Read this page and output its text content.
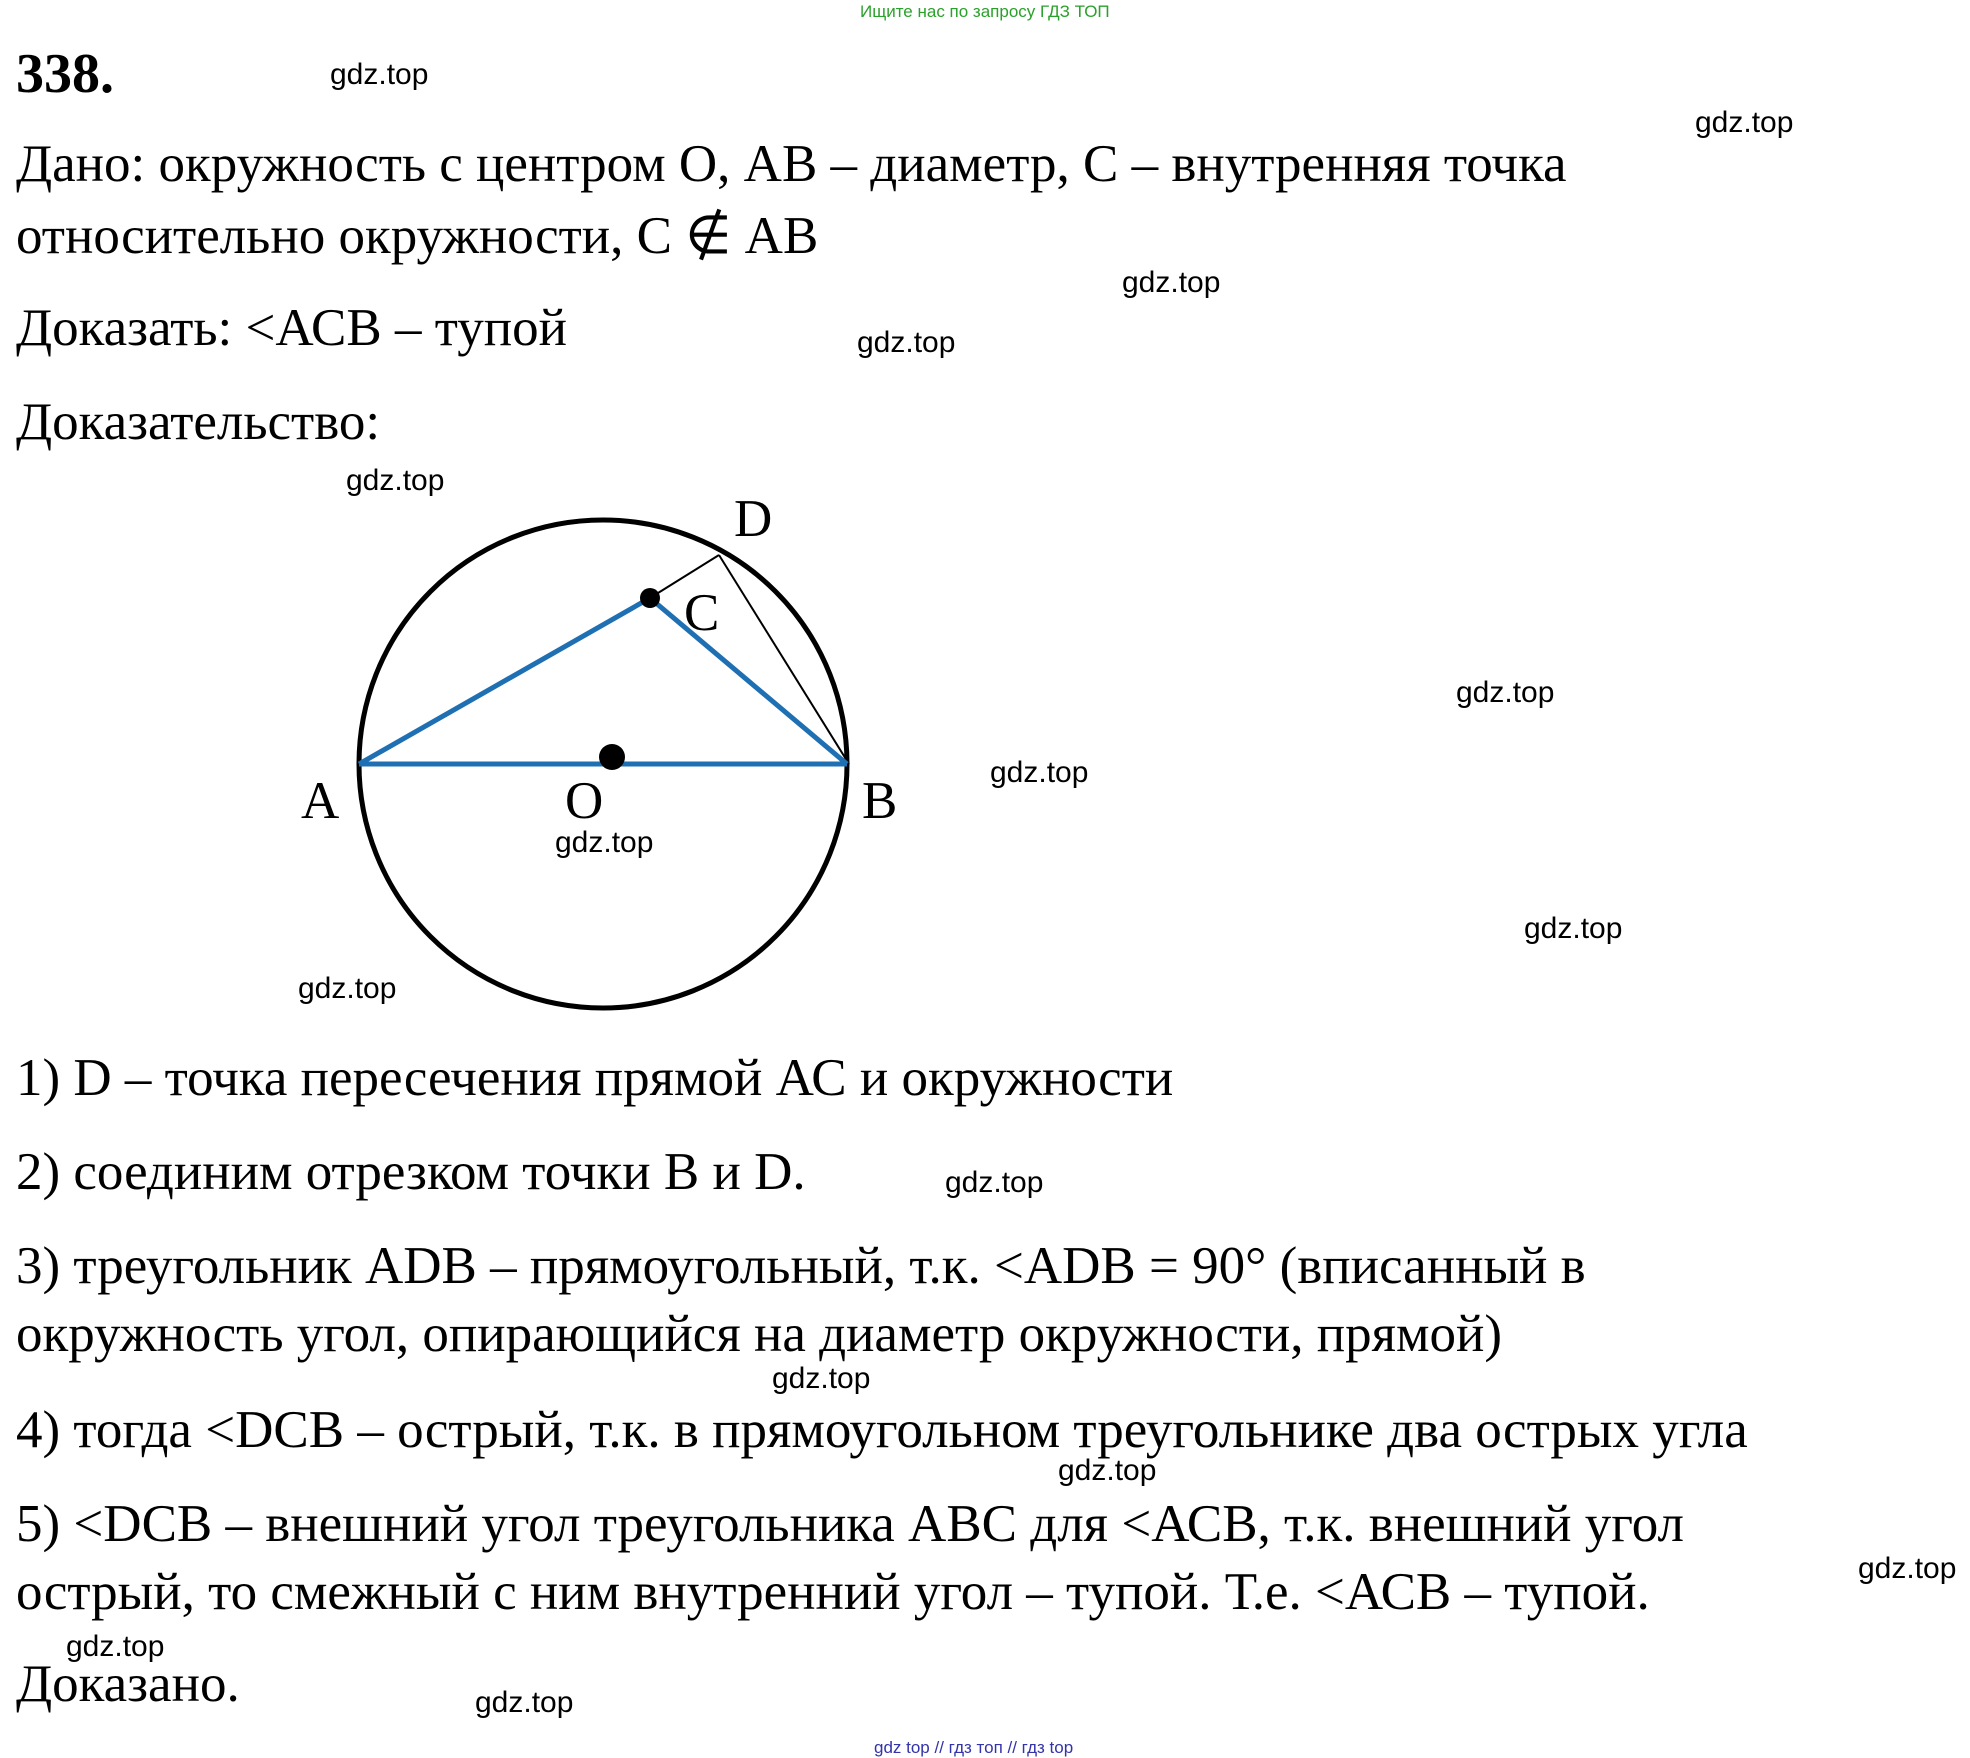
Ищите нас по запросу ГДЗ ТОП
338.
Дано: окружность с центром О, АВ – диаметр, С – внутренняя точка
относительно окружности, С ∉ АВ
Доказать: <АСВ – тупой
Доказательство:
A	O	B
C
D
1) D – точка пересечения прямой АС и окружности
2) соединим отрезком точки В и D.
3) треугольник АDВ – прямоугольный, т.к. <АDВ = 90° (вписанный в
окружность угол, опирающийся на диаметр окружности, прямой)
4) тогда <DСВ – острый, т.к. в прямоугольном треугольнике два острых угла
5) <DСВ – внешний угол треугольника АВС для <АСВ, т.к. внешний угол
острый, то смежный с ним внутренний угол – тупой. Т.е. <АСВ – тупой.
Доказано.
gdz.top
gdz.top
gdz.top
gdz.top
gdz.top
gdz.top
gdz.top
gdz.top
gdz.top
gdz.top
gdz.top
gdz.top
gdz.top
gdz.top
gdz.top
gdz.top
gdz top // гдз топ // гдз top
